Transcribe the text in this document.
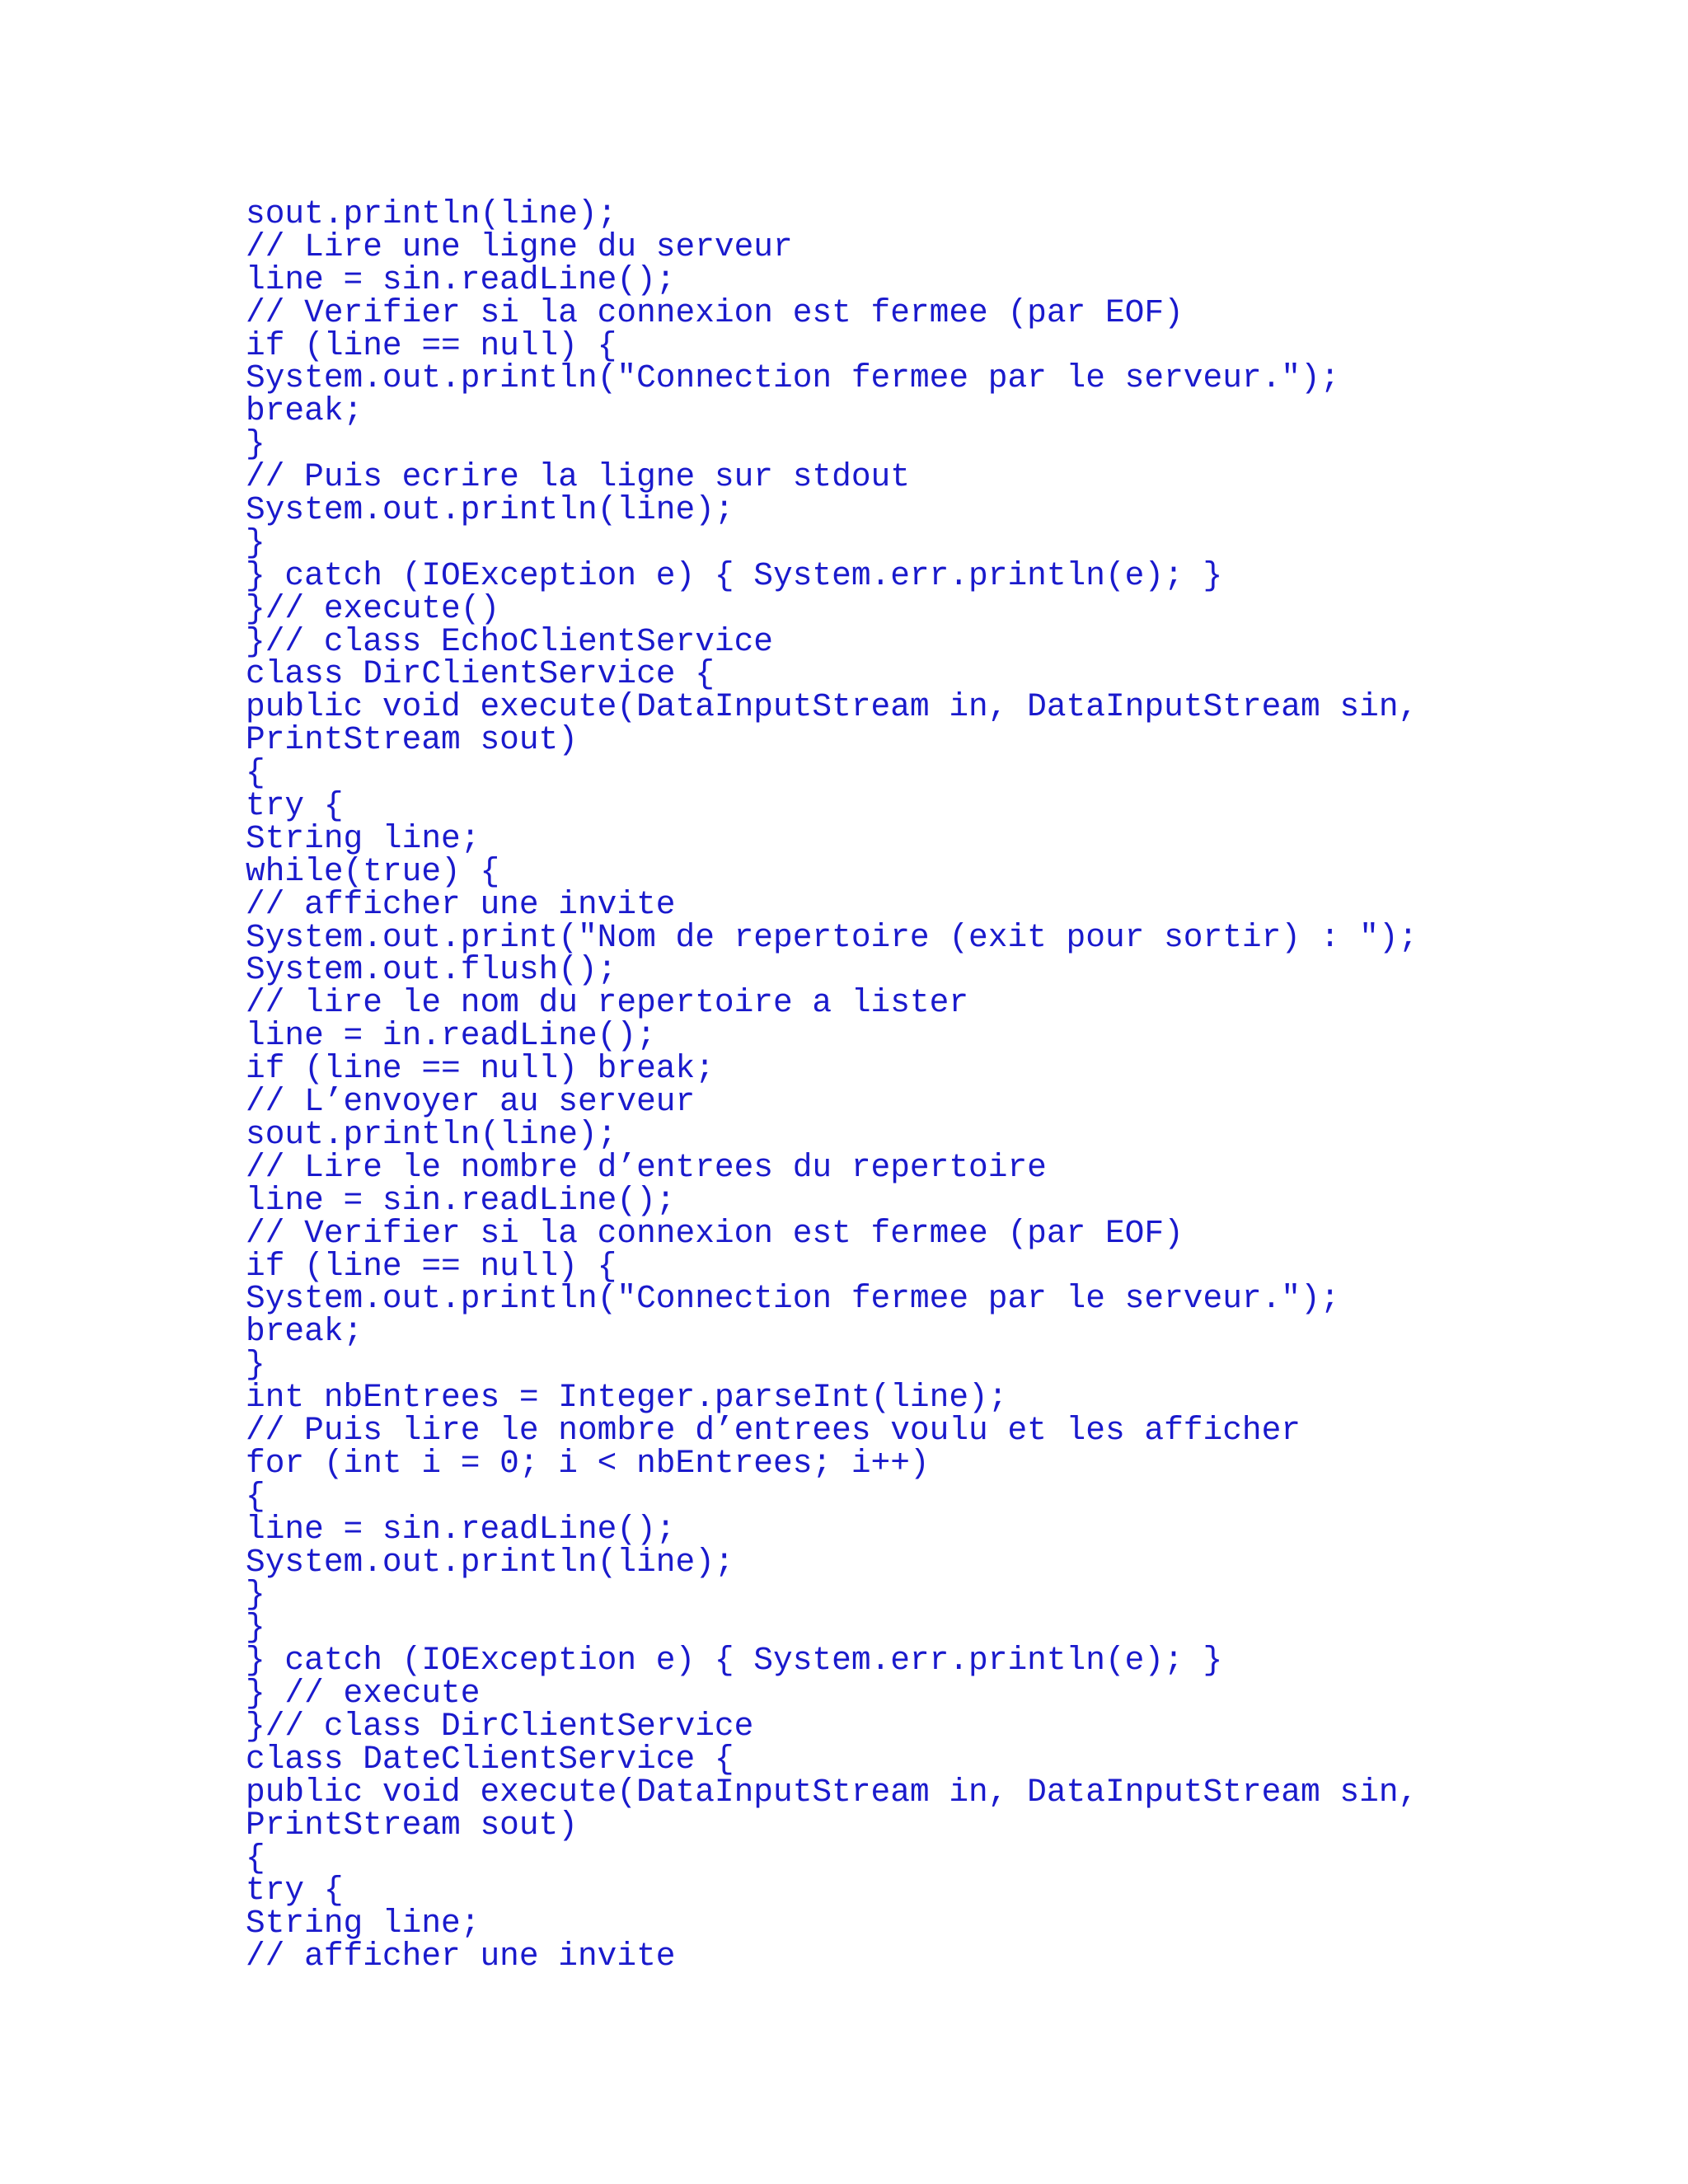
sout.println(line);
// Lire une ligne du serveur
line = sin.readLine();
// Verifier si la connexion est fermee (par EOF)
if (line == null) {
System.out.println("Connection fermee par le serveur.");
break;
}
// Puis ecrire la ligne sur stdout
System.out.println(line);
}
} catch (IOException e) { System.err.println(e); }
}// execute()
}// class EchoClientService
class DirClientService {
public void execute(DataInputStream in, DataInputStream sin,
PrintStream sout)
{
try {
String line;
while(true) {
// afficher une invite
System.out.print("Nom de repertoire (exit pour sortir) : ");
System.out.flush();
// lire le nom du repertoire a lister
line = in.readLine();
if (line == null) break;
// L’envoyer au serveur
sout.println(line);
// Lire le nombre d’entrees du repertoire
line = sin.readLine();
// Verifier si la connexion est fermee (par EOF)
if (line == null) {
System.out.println("Connection fermee par le serveur.");
break;
}
int nbEntrees = Integer.parseInt(line);
// Puis lire le nombre d’entrees voulu et les afficher
for (int i = 0; i < nbEntrees; i++)
{
line = sin.readLine();
System.out.println(line);
}
}
} catch (IOException e) { System.err.println(e); }
} // execute
}// class DirClientService
class DateClientService {
public void execute(DataInputStream in, DataInputStream sin,
PrintStream sout)
{
try {
String line;
// afficher une invite
